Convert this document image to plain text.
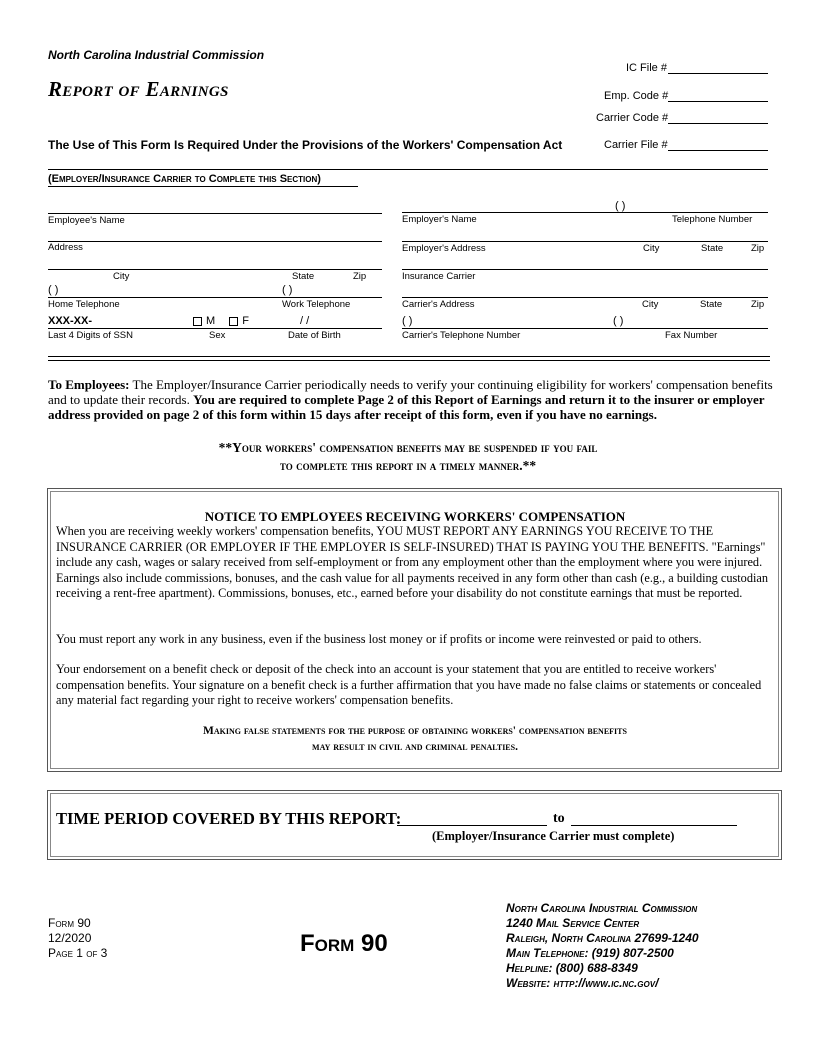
North Carolina Industrial Commission
Report of Earnings
IC File #
Emp. Code #
Carrier Code #
Carrier File #
The Use of This Form Is Required Under the Provisions of the Workers' Compensation Act
(Employer/Insurance Carrier to Complete this Section)
Employee's Name
Address
City	State	Zip
( )	( )
Home Telephone	Work Telephone
XXX-XX-	M F	/ /
Last 4 Digits of SSN	Sex	Date of Birth
( )
Employer's Name	Telephone Number
Employer's Address	City	State	Zip
Insurance Carrier
Carrier's Address	City	State	Zip
( )	( )
Carrier's Telephone Number	Fax Number
To Employees: The Employer/Insurance Carrier periodically needs to verify your continuing eligibility for workers' compensation benefits and to update their records. You are required to complete Page 2 of this Report of Earnings and return it to the insurer or employer address provided on page 2 of this form within 15 days after receipt of this form, even if you have no earnings.
**Your workers' compensation benefits may be suspended if you fail
to complete this report in a timely manner.**
NOTICE TO EMPLOYEES RECEIVING WORKERS' COMPENSATION
When you are receiving weekly workers' compensation benefits, YOU MUST REPORT ANY EARNINGS YOU RECEIVE TO THE INSURANCE CARRIER (OR EMPLOYER IF THE EMPLOYER IS SELF-INSURED) THAT IS PAYING YOU THE BENEFITS. "Earnings" include any cash, wages or salary received from self-employment or from any employment other than the employment where you were injured. Earnings also include commissions, bonuses, and the cash value for all payments received in any form other than cash (e.g., a building custodian receiving a rent-free apartment). Commissions, bonuses, etc., earned before your disability do not constitute earnings that must be reported.
You must report any work in any business, even if the business lost money or if profits or income were reinvested or paid to others.
Your endorsement on a benefit check or deposit of the check into an account is your statement that you are entitled to receive workers' compensation benefits. Your signature on a benefit check is a further affirmation that you have made no false claims or statements or concealed any material fact regarding your right to receive workers' compensation benefits.
Making false statements for the purpose of obtaining workers' compensation benefits
may result in civil and criminal penalties.
TIME PERIOD COVERED BY THIS REPORT:	to
(Employer/Insurance Carrier must complete)
Form 90
12/2020
Page 1 of 3	Form 90
North Carolina Industrial Commission
1240 Mail Service Center
Raleigh, North Carolina 27699-1240
Main Telephone: (919) 807-2500
Helpline: (800) 688-8349
Website: http://www.ic.nc.gov/
